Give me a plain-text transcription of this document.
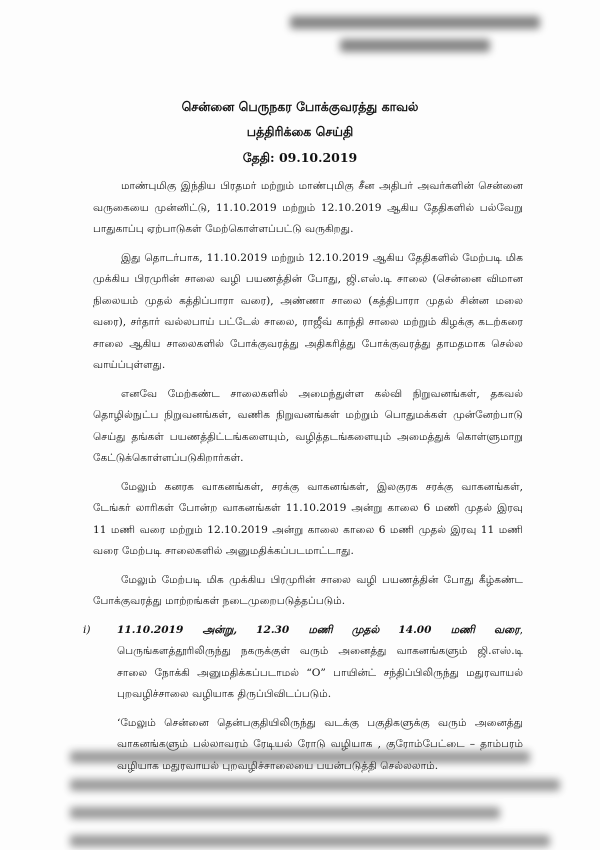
சென்னை பெருநகர போக்குவரத்து காவல்
பத்திரிக்கை செய்தி
தேதி: 09.10.2019

மாண்புமிகு இந்திய பிரதமர் மற்றும் மாண்புமிகு சீன அதிபர் அவர்களின் சென்னை வருகையை முன்னிட்டு, 11.10.2019 மற்றும் 12.10.2019 ஆகிய தேதிகளில் பல்வேறு பாதுகாப்பு ஏற்பாடுகள் மேற்கொள்ளப்பட்டு வருகிறது.

இது தொடர்பாக, 11.10.2019 மற்றும் 12.10.2019 ஆகிய தேதிகளில் மேற்படி மிக முக்கிய பிரமுரின் சாலை வழி பயணத்தின் போது, ஜி.எஸ்.டி சாலை (சென்னை விமான நிலையம் முதல் கத்திப்பாரா வரை), அண்ணா சாலை (கத்திபாரா முதல் சின்ன மலை வரை), சர்தார் வல்லபாய் பட்டேல் சாலை, ராஜீவ் காந்தி சாலை மற்றும் கிழக்கு கடற்கரை சாலை ஆகிய சாலைகளில் போக்குவரத்து அதிகரித்து போக்குவரத்து தாமதமாக செல்ல வாய்ப்புள்ளது.

எனவே மேற்கண்ட சாலைகளில் அமைந்துள்ள கல்வி நிறுவனங்கள், தகவல் தொழில்நுட்ப நிறுவனங்கள், வணிக நிறுவனங்கள் மற்றும் பொதுமக்கள் முன்னேற்பாடு செய்து தங்கள் பயணத்திட்டங்களையும், வழித்தடங்களையும் அமைத்துக் கொள்ளுமாறு கேட்டுக்கொள்ளப்படுகிறார்கள்.

மேலும் கனரக வாகனங்கள், சரக்கு வாகனங்கள், இலகுரக சரக்கு வாகனங்கள், டேங்கர் லாரிகள் போன்ற வாகனங்கள் 11.10.2019 அன்று காலை 6 மணி முதல் இரவு 11 மணி வரை மற்றும் 12.10.2019 அன்று காலை காலை 6 மணி முதல் இரவு 11 மணி வரை மேற்படி சாலைகளில் அனுமதிக்கப்படமாட்டாது.

மேலும் மேற்படி மிக முக்கிய பிரமுரின் சாலை வழி பயணத்தின் போது கீழ்கண்ட போக்குவரத்து மாற்றங்கள் நடைமுறைபடுத்தப்படும்.

i) 11.10.2019 அன்று, 12.30 மணி முதல் 14.00 மணி வரை, பெருங்களத்தூரிலிருந்து நகருக்குள் வரும் அனைத்து வாகனங்களும் ஜி.எஸ்.டி சாலை நோக்கி அனுமதிக்கப்படாமல் “O” பாயின்ட் சந்திப்பிலிருந்து மதுரவாயல் புறவழிச்சாலை வழியாக திருப்பிவிடப்படும்.

‘மேலும் சென்னை தென்பகுதியிலிருந்து வடக்கு பகுதிகளுக்கு வரும் அனைத்து வாகனங்களும் பல்லாவரம் ரேடியல் ரோடு வழியாக , குரோம்பேட்டை – தாம்பரம் வழியாக மதுரவாயல் புறவழிச்சாலையை பயன்படுத்தி செல்லலாம்.
